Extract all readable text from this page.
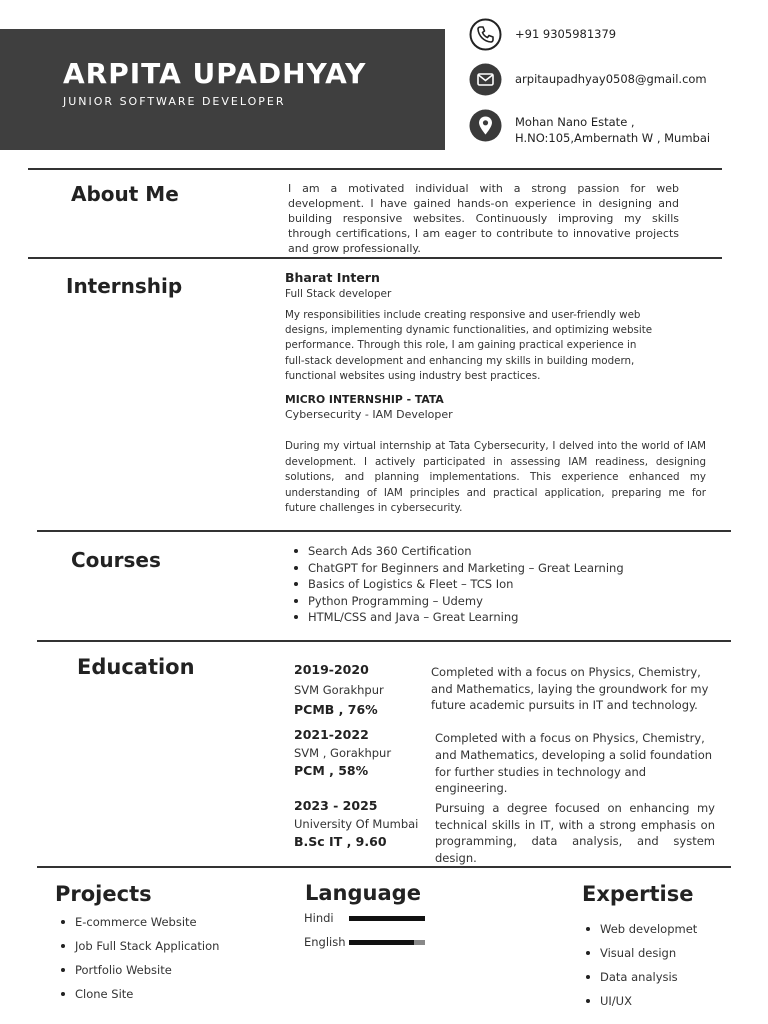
ARPITA UPADHYAY
JUNIOR SOFTWARE DEVELOPER
+91 9305981379
arpitaupadhyay0508@gmail.com
Mohan Nano Estate ,
H.NO:105,Ambernath W , Mumbai
About Me	I am a motivated individual with a strong passion for web development. I have gained hands-on experience in designing and building responsive websites. Continuously improving my skills through certifications, I am eager to contribute to innovative projects and grow professionally.
Internship	Bharat Intern
Full Stack developer
My responsibilities include creating responsive and user-friendly web designs, implementing dynamic functionalities, and optimizing website performance. Through this role, I am gaining practical experience in full-stack development and enhancing my skills in building modern, functional websites using industry best practices.
MICRO INTERNSHIP - TATA
Cybersecurity - IAM Developer
During my virtual internship at Tata Cybersecurity, I delved into the world of IAM development. I actively participated in assessing IAM readiness, designing solutions, and planning implementations. This experience enhanced my understanding of IAM principles and practical application, preparing me for future challenges in cybersecurity.
Courses	Search Ads 360 Certification
ChatGPT for Beginners and Marketing – Great Learning
Basics of Logistics & Fleet – TCS Ion
Python Programming – Udemy
HTML/CSS and Java – Great Learning
Education	2019-2020
SVM Gorakhpur
PCMB , 76%
Completed with a focus on Physics, Chemistry, and Mathematics, laying the groundwork for my future academic pursuits in IT and technology.
2021-2022
SVM , Gorakhpur
PCM , 58%
Completed with a focus on Physics, Chemistry, and Mathematics, developing a solid foundation for further studies in technology and engineering.
2023 - 2025
University Of Mumbai
B.Sc IT , 9.60
Pursuing a degree focused on enhancing my technical skills in IT, with a strong emphasis on programming, data analysis, and system design.
Projects
E-commerce Website
Job Full Stack Application
Portfolio Website
Clone Site
Language
Hindi
English
Expertise
Web developmet
Visual design
Data analysis
UI/UX
